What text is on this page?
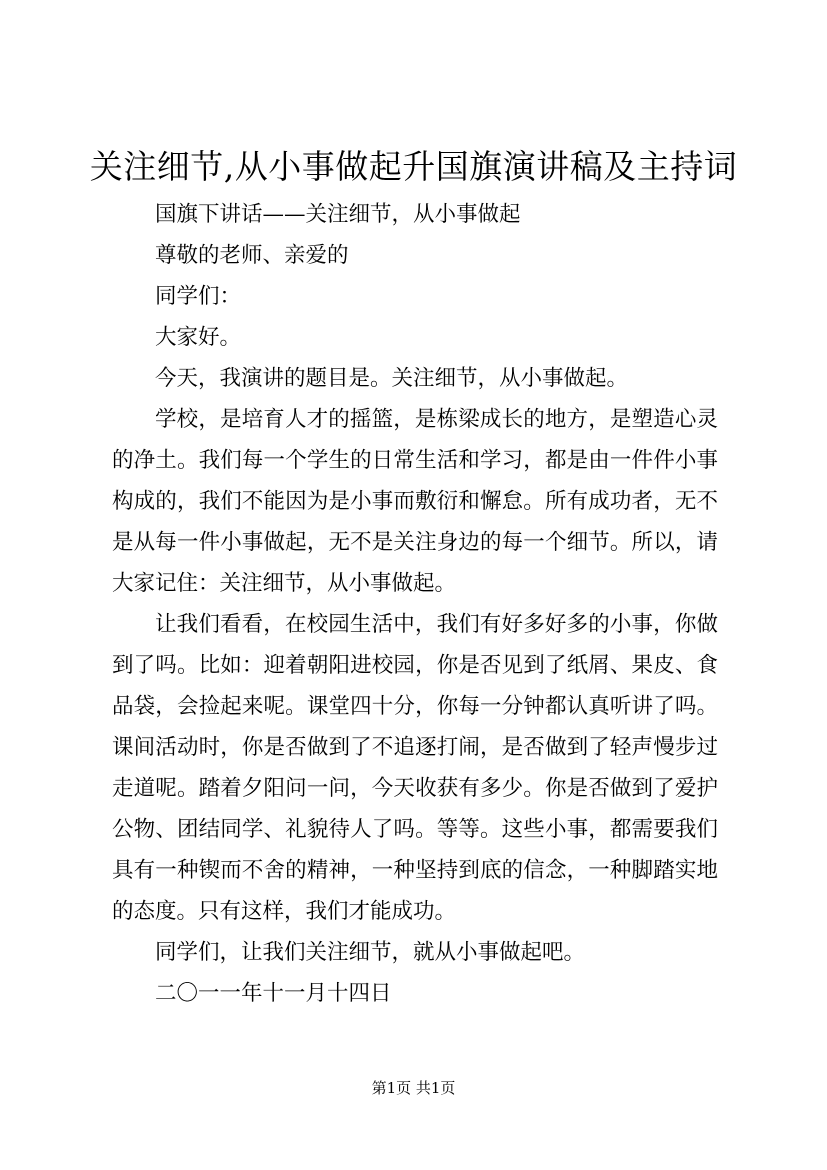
关注细节,从小事做起升国旗演讲稿及主持词

国旗下讲话——关注细节，从小事做起

尊敬的老师、亲爱的

同学们：

大家好。

今天，我演讲的题目是。关注细节，从小事做起。

学校，是培育人才的摇篮，是栋梁成长的地方，是塑造心灵的净土。我们每一个学生的日常生活和学习，都是由一件件小事构成的，我们不能因为是小事而敷衍和懈怠。所有成功者，无不是从每一件小事做起，无不是关注身边的每一个细节。所以，请大家记住：关注细节，从小事做起。

让我们看看，在校园生活中，我们有好多好多的小事，你做到了吗。比如：迎着朝阳进校园，你是否见到了纸屑、果皮、食品袋，会捡起来呢。课堂四十分，你每一分钟都认真听讲了吗。课间活动时，你是否做到了不追逐打闹，是否做到了轻声慢步过走道呢。踏着夕阳问一问，今天收获有多少。你是否做到了爱护公物、团结同学、礼貌待人了吗。等等。这些小事，都需要我们具有一种锲而不舍的精神，一种坚持到底的信念，一种脚踏实地的态度。只有这样，我们才能成功。

同学们，让我们关注细节，就从小事做起吧。

二〇一一年十一月十四日

第1页 共1页
